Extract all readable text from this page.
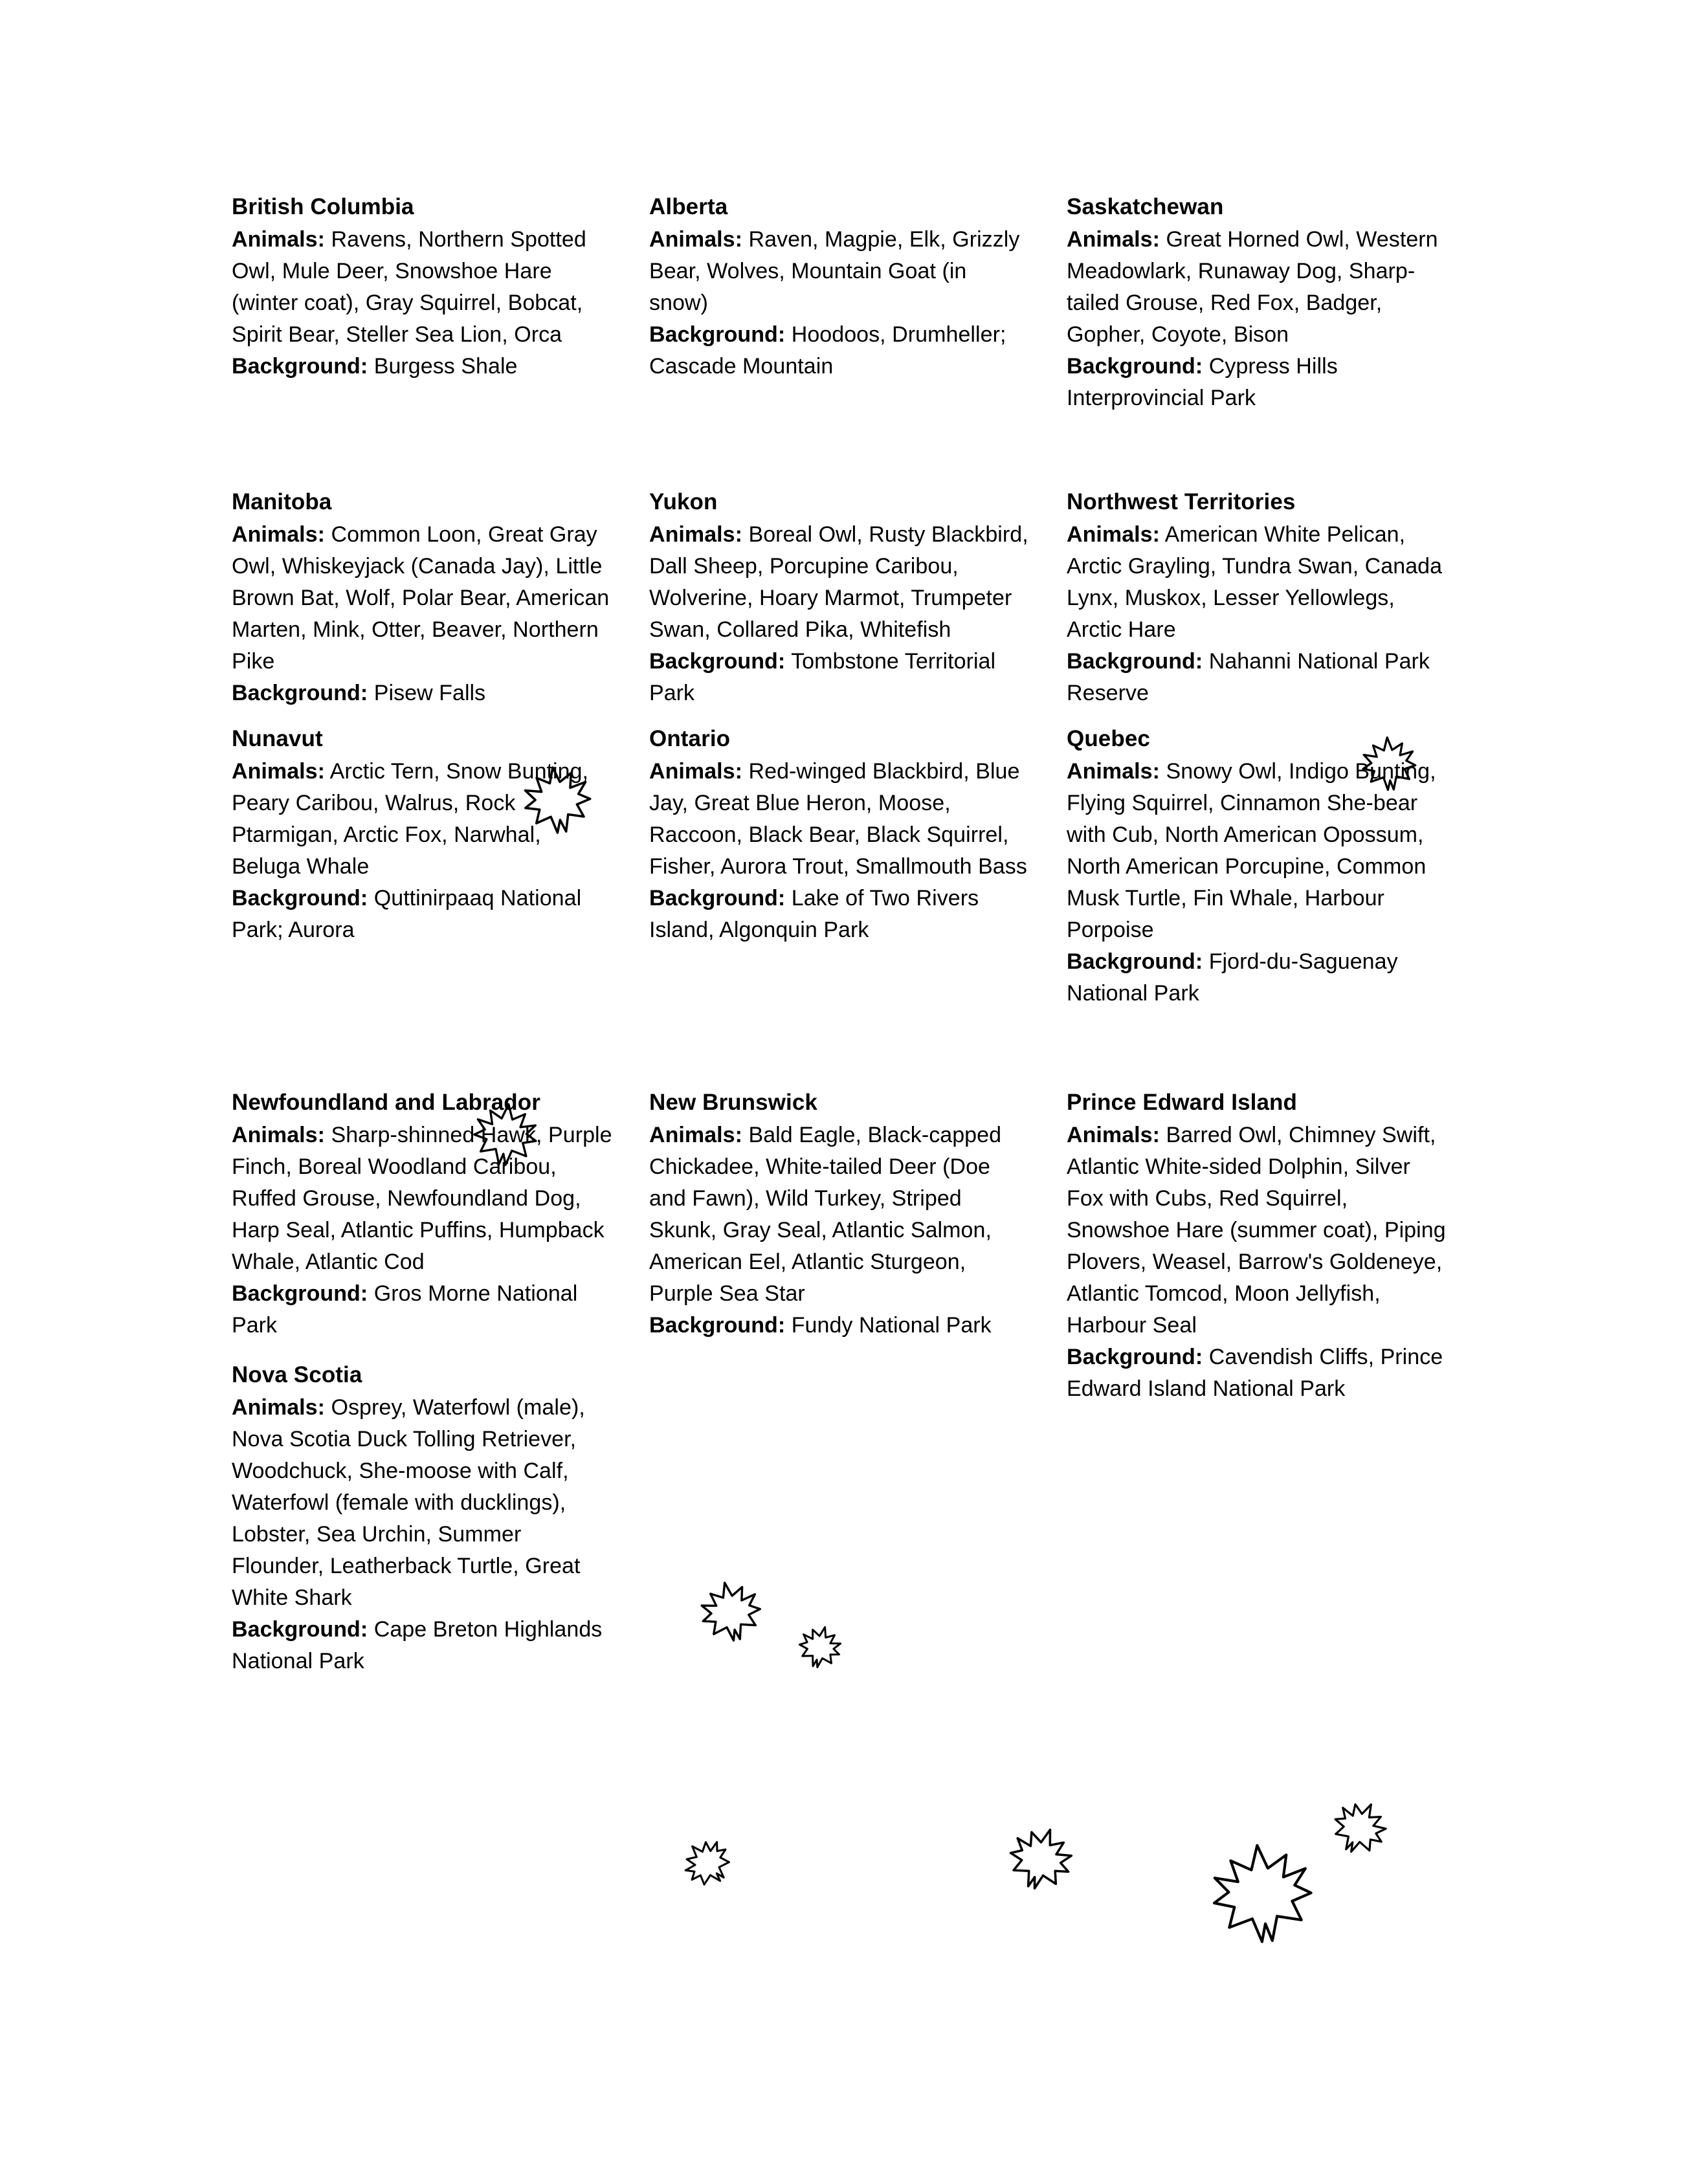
British Columbia

Animals: Ravens, Northern Spotted Owl, Mule Deer, Snowshoe Hare (winter coat), Gray Squirrel, Bobcat, Spirit Bear, Steller Sea Lion, Orca
Background: Burgess Shale

Alberta

Animals: Raven, Magpie, Elk, Grizzly Bear, Wolves, Mountain Goat (in snow)
Background: Hoodoos, Drumheller; Cascade Mountain

Saskatchewan

Animals: Great Horned Owl, Western Meadowlark, Runaway Dog, Sharp-tailed Grouse, Red Fox, Badger, Gopher, Coyote, Bison
Background: Cypress Hills Interprovincial Park

Manitoba

Animals: Common Loon, Great Gray Owl, Whiskeyjack (Canada Jay), Little Brown Bat, Wolf, Polar Bear, American Marten, Mink, Otter, Beaver, Northern Pike
Background: Pisew Falls

Nunavut

Animals: Arctic Tern, Snow Bunting, Peary Caribou, Walrus, Rock Ptarmigan, Arctic Fox, Narwhal, Beluga Whale
Background: Quttinirpaaq National Park; Aurora

Yukon

Animals: Boreal Owl, Rusty Blackbird, Dall Sheep, Porcupine Caribou, Wolverine, Hoary Marmot, Trumpeter Swan, Collared Pika, Whitefish
Background: Tombstone Territorial Park

Ontario

Animals: Red-winged Blackbird, Blue Jay, Great Blue Heron, Moose, Raccoon, Black Bear, Black Squirrel, Fisher, Aurora Trout, Smallmouth Bass
Background: Lake of Two Rivers Island, Algonquin Park

Northwest Territories

Animals: American White Pelican, Arctic Grayling, Tundra Swan, Canada Lynx, Muskox, Lesser Yellowlegs, Arctic Hare
Background: Nahanni National Park Reserve

Quebec

Animals: Snowy Owl, Indigo Bunting, Flying Squirrel, Cinnamon She-bear with Cub, North American Opossum, North American Porcupine, Common Musk Turtle, Fin Whale, Harbour Porpoise
Background: Fjord-du-Saguenay National Park

Newfoundland and Labrador

Animals: Sharp-shinned Hawk, Purple Finch, Boreal Woodland Caribou, Ruffed Grouse, Newfoundland Dog, Harp Seal, Atlantic Puffins, Humpback Whale, Atlantic Cod
Background: Gros Morne National Park

Nova Scotia

Animals: Osprey, Waterfowl (male), Nova Scotia Duck Tolling Retriever, Woodchuck, She-moose with Calf, Waterfowl (female with ducklings), Lobster, Sea Urchin, Summer Flounder, Leatherback Turtle, Great White Shark
Background: Cape Breton Highlands National Park

New Brunswick

Animals: Bald Eagle, Black-capped Chickadee, White-tailed Deer (Doe and Fawn), Wild Turkey, Striped Skunk, Gray Seal, Atlantic Salmon, American Eel, Atlantic Sturgeon, Purple Sea Star
Background: Fundy National Park

Prince Edward Island

Animals: Barred Owl, Chimney Swift, Atlantic White-sided Dolphin, Silver Fox with Cubs, Red Squirrel, Snowshoe Hare (summer coat), Piping Plovers, Weasel, Barrow's Goldeneye, Atlantic Tomcod, Moon Jellyfish, Harbour Seal
Background: Cavendish Cliffs, Prince Edward Island National Park
